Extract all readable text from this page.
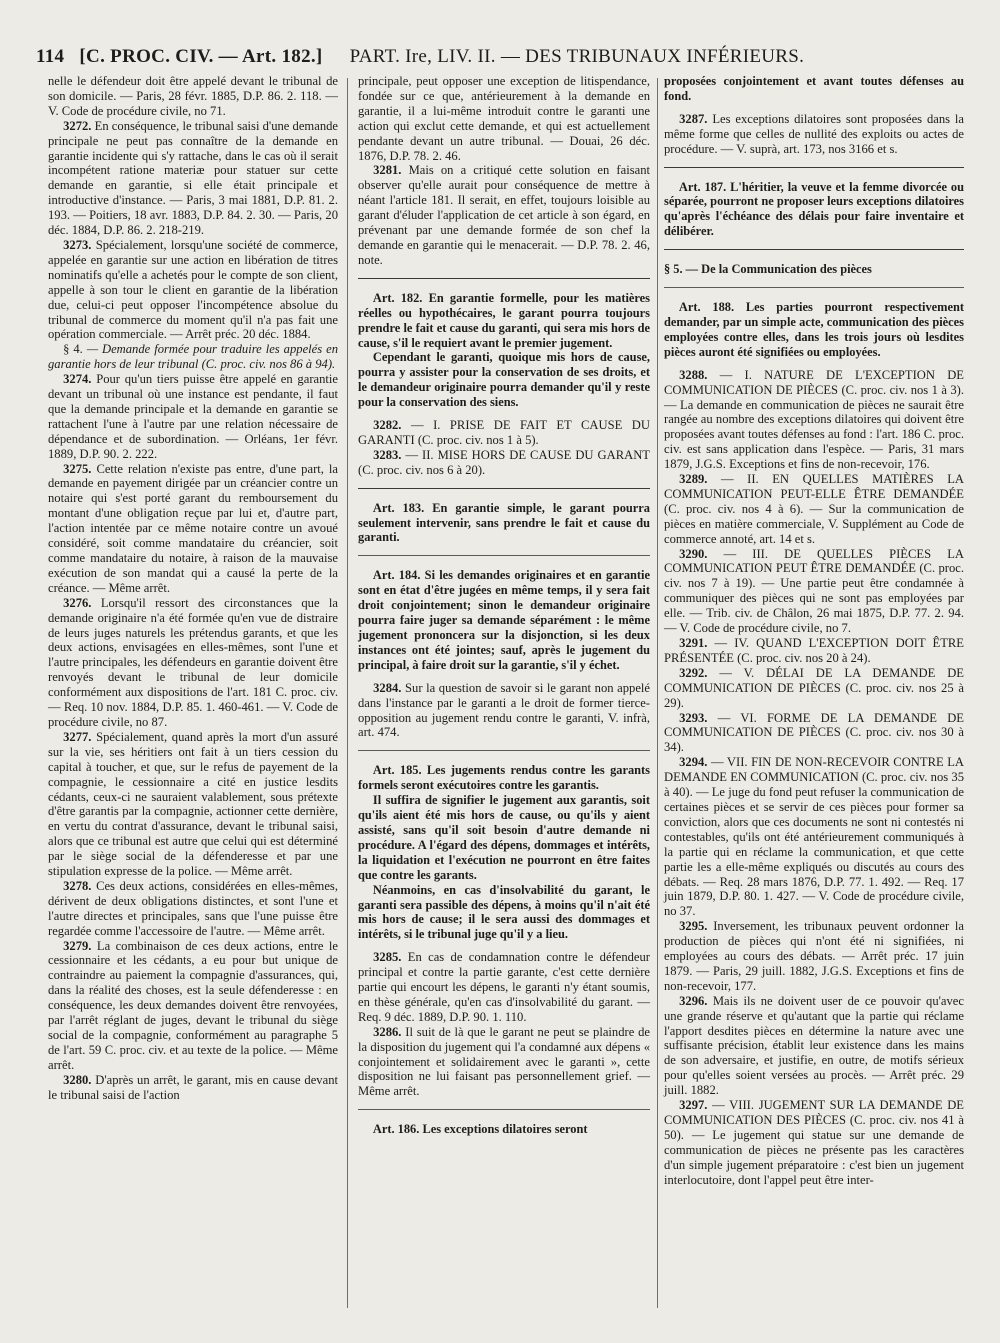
114 [C. PROC. CIV. — Art. 182.] PART. Ire, LIV. II. — DES TRIBUNAUX INFÉRIEURS.

nelle le défendeur doit être appelé devant le tribunal de son domicile. — Paris, 28 févr. 1885, D.P. 86. 2. 118. — V. Code de procédure civile, no 71.

3272. En conséquence, le tribunal saisi d'une demande principale ne peut pas connaître de la demande en garantie incidente qui s'y rattache, dans le cas où il serait incompétent ratione materiæ pour statuer sur cette demande en garantie, si elle était principale et introductive d'instance. — Paris, 3 mai 1881, D.P. 81. 2. 193. — Poitiers, 18 avr. 1883, D.P. 84. 2. 30. — Paris, 20 déc. 1884, D.P. 86. 2. 218-219.

3273. Spécialement, lorsqu'une société de commerce, appelée en garantie sur une action en libération de titres nominatifs qu'elle a achetés pour le compte de son client, appelle à son tour le client en garantie de la libération due, celui-ci peut opposer l'incompétence absolue du tribunal de commerce du moment qu'il n'a pas fait une opération commerciale. — Arrêt préc. 20 déc. 1884.

§ 4. — Demande formée pour traduire les appelés en garantie hors de leur tribunal (C. proc. civ. nos 86 à 94).

3274. Pour qu'un tiers puisse être appelé en garantie devant un tribunal où une instance est pendante, il faut que la demande principale et la demande en garantie se rattachent l'une à l'autre par une relation nécessaire de dépendance et de subordination. — Orléans, 1er févr. 1889, D.P. 90. 2. 222.

3275. Cette relation n'existe pas entre, d'une part, la demande en payement dirigée par un créancier contre un notaire qui s'est porté garant du remboursement du montant d'une obligation reçue par lui et, d'autre part, l'action intentée par ce même notaire contre un avoué considéré, soit comme mandataire du créancier, soit comme mandataire du notaire, à raison de la mauvaise exécution de son mandat qui a causé la perte de la créance. — Même arrêt.

3276. Lorsqu'il ressort des circonstances que la demande originaire n'a été formée qu'en vue de distraire de leurs juges naturels les prétendus garants, et que les deux actions, envisagées en elles-mêmes, sont l'une et l'autre principales, les défendeurs en garantie doivent être renvoyés devant le tribunal de leur domicile conformément aux dispositions de l'art. 181 C. proc. civ. — Req. 10 nov. 1884, D.P. 85. 1. 460-461. — V. Code de procédure civile, no 87.

3277. Spécialement, quand après la mort d'un assuré sur la vie, ses héritiers ont fait à un tiers cession du capital à toucher, et que, sur le refus de payement de la compagnie, le cessionnaire a cité en justice lesdits cédants, ceux-ci ne sauraient valablement, sous prétexte d'être garantis par la compagnie, actionner cette dernière, en vertu du contrat d'assurance, devant le tribunal saisi, alors que ce tribunal est autre que celui qui est déterminé par le siège social de la défenderesse et par une stipulation expresse de la police. — Même arrêt.

3278. Ces deux actions, considérées en elles-mêmes, dérivent de deux obligations distinctes, et sont l'une et l'autre directes et principales, sans que l'une puisse être regardée comme l'accessoire de l'autre. — Même arrêt.

3279. La combinaison de ces deux actions, entre le cessionnaire et les cédants, a eu pour but unique de contraindre au paiement la compagnie d'assurances, qui, dans la réalité des choses, est la seule défenderesse : en conséquence, les deux demandes doivent être renvoyées, par l'arrêt réglant de juges, devant le tribunal du siège social de la compagnie, conformément au paragraphe 5 de l'art. 59 C. proc. civ. et au texte de la police. — Même arrêt.

3280. D'après un arrêt, le garant, mis en cause devant le tribunal saisi de l'action

principale, peut opposer une exception de litispendance, fondée sur ce que, antérieurement à la demande en garantie, il a lui-même introduit contre le garanti une action qui exclut cette demande, et qui est actuellement pendante devant un autre tribunal. — Douai, 26 déc. 1876, D.P. 78. 2. 46.

3281. Mais on a critiqué cette solution en faisant observer qu'elle aurait pour conséquence de mettre à néant l'article 181. Il serait, en effet, toujours loisible au garant d'éluder l'application de cet article à son égard, en prévenant par une demande formée de son chef la demande en garantie qui le menacerait. — D.P. 78. 2. 46, note.

Art. 182. En garantie formelle, pour les matières réelles ou hypothécaires, le garant pourra toujours prendre le fait et cause du garanti, qui sera mis hors de cause, s'il le requiert avant le premier jugement.

Cependant le garanti, quoique mis hors de cause, pourra y assister pour la conservation de ses droits, et le demandeur originaire pourra demander qu'il y reste pour la conservation des siens.

3282. — I. PRISE DE FAIT ET CAUSE DU GARANTI (C. proc. civ. nos 1 à 5).

3283. — II. MISE HORS DE CAUSE DU GARANT (C. proc. civ. nos 6 à 20).

Art. 183. En garantie simple, le garant pourra seulement intervenir, sans prendre le fait et cause du garanti.

Art. 184. Si les demandes originaires et en garantie sont en état d'être jugées en même temps, il y sera fait droit conjointement; sinon le demandeur originaire pourra faire juger sa demande séparément : le même jugement prononcera sur la disjonction, si les deux instances ont été jointes; sauf, après le jugement du principal, à faire droit sur la garantie, s'il y échet.

3284. Sur la question de savoir si le garant non appelé dans l'instance par le garanti a le droit de former tierce-opposition au jugement rendu contre le garanti, V. infrà, art. 474.

Art. 185. Les jugements rendus contre les garants formels seront exécutoires contre les garantis.

Il suffira de signifier le jugement aux garantis, soit qu'ils aient été mis hors de cause, ou qu'ils y aient assisté, sans qu'il soit besoin d'autre demande ni procédure. A l'égard des dépens, dommages et intérêts, la liquidation et l'exécution ne pourront en être faites que contre les garants.

Néanmoins, en cas d'insolvabilité du garant, le garanti sera passible des dépens, à moins qu'il n'ait été mis hors de cause; il le sera aussi des dommages et intérêts, si le tribunal juge qu'il y a lieu.

3285. En cas de condamnation contre le défendeur principal et contre la partie garante, c'est cette dernière partie qui encourt les dépens, le garanti n'y étant soumis, en thèse générale, qu'en cas d'insolvabilité du garant. — Req. 9 déc. 1889, D.P. 90. 1. 110.

3286. Il suit de là que le garant ne peut se plaindre de la disposition du jugement qui l'a condamné aux dépens « conjointement et solidairement avec le garanti », cette disposition ne lui faisant pas personnellement grief. — Même arrêt.

Art. 186. Les exceptions dilatoires seront

proposées conjointement et avant toutes défenses au fond.

3287. Les exceptions dilatoires sont proposées dans la même forme que celles de nullité des exploits ou actes de procédure. — V. suprà, art. 173, nos 3166 et s.

Art. 187. L'héritier, la veuve et la femme divorcée ou séparée, pourront ne proposer leurs exceptions dilatoires qu'après l'échéance des délais pour faire inventaire et délibérer.

§ 5. — De la Communication des pièces

Art. 188. Les parties pourront respectivement demander, par un simple acte, communication des pièces employées contre elles, dans les trois jours où lesdites pièces auront été signifiées ou employées.

3288. — I. NATURE DE L'EXCEPTION DE COMMUNICATION DE PIÈCES (C. proc. civ. nos 1 à 3). — La demande en communication de pièces ne saurait être rangée au nombre des exceptions dilatoires qui doivent être proposées avant toutes défenses au fond : l'art. 186 C. proc. civ. est sans application dans l'espèce. — Paris, 31 mars 1879, J.G.S. Exceptions et fins de non-recevoir, 176.

3289. — II. EN QUELLES MATIÈRES LA COMMUNICATION PEUT-ELLE ÊTRE DEMANDÉE (C. proc. civ. nos 4 à 6). — Sur la communication de pièces en matière commerciale, V. Supplément au Code de commerce annoté, art. 14 et s.

3290. — III. DE QUELLES PIÈCES LA COMMUNICATION PEUT ÊTRE DEMANDÉE (C. proc. civ. nos 7 à 19). — Une partie peut être condamnée à communiquer des pièces qui ne sont pas employées par elle. — Trib. civ. de Châlon, 26 mai 1875, D.P. 77. 2. 94. — V. Code de procédure civile, no 7.

3291. — IV. QUAND L'EXCEPTION DOIT ÊTRE PRÉSENTÉE (C. proc. civ. nos 20 à 24).

3292. — V. DÉLAI DE LA DEMANDE DE COMMUNICATION DE PIÈCES (C. proc. civ. nos 25 à 29).

3293. — VI. FORME DE LA DEMANDE DE COMMUNICATION DE PIÈCES (C. proc. civ. nos 30 à 34).

3294. — VII. FIN DE NON-RECEVOIR CONTRE LA DEMANDE EN COMMUNICATION (C. proc. civ. nos 35 à 40). — Le juge du fond peut refuser la communication de certaines pièces et se servir de ces pièces pour former sa conviction, alors que ces documents ne sont ni contestés ni contestables, qu'ils ont été antérieurement communiqués à la partie qui en réclame la communication, et que cette partie les a elle-même expliqués ou discutés au cours des débats. — Req. 28 mars 1876, D.P. 77. 1. 492. — Req. 17 juin 1879, D.P. 80. 1. 427. — V. Code de procédure civile, no 37.

3295. Inversement, les tribunaux peuvent ordonner la production de pièces qui n'ont été ni signifiées, ni employées au cours des débats. — Arrêt préc. 17 juin 1879. — Paris, 29 juill. 1882, J.G.S. Exceptions et fins de non-recevoir, 177.

3296. Mais ils ne doivent user de ce pouvoir qu'avec une grande réserve et qu'autant que la partie qui réclame l'apport desdites pièces en détermine la nature avec une suffisante précision, établit leur existence dans les mains de son adversaire, et justifie, en outre, de motifs sérieux pour qu'elles soient versées au procès. — Arrêt préc. 29 juill. 1882.

3297. — VIII. JUGEMENT SUR LA DEMANDE DE COMMUNICATION DES PIÈCES (C. proc. civ. nos 41 à 50). — Le jugement qui statue sur une demande de communication de pièces ne présente pas les caractères d'un simple jugement préparatoire : c'est bien un jugement interlocutoire, dont l'appel peut être inter-
